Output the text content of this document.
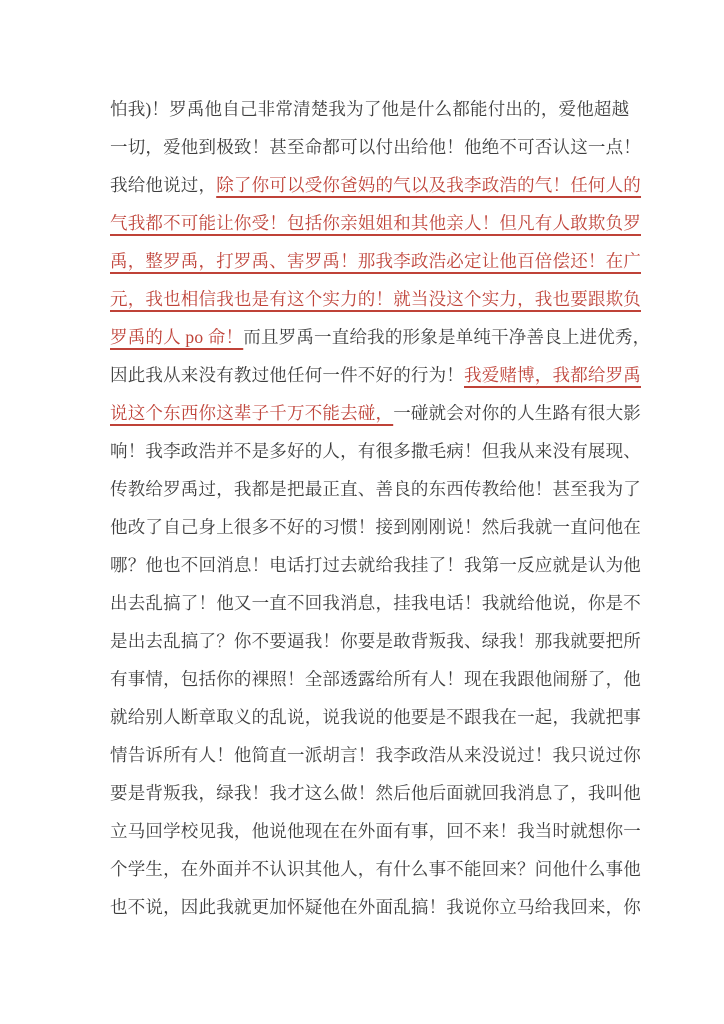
怕我)！罗禹他自己非常清楚我为了他是什么都能付出的，爱他超越
一切，爱他到极致！甚至命都可以付出给他！他绝不可否认这一点！
我给他说过，除了你可以受你爸妈的气以及我李政浩的气！任何人的
气我都不可能让你受！包括你亲姐姐和其他亲人！但凡有人敢欺负罗
禹，整罗禹，打罗禹、害罗禹！那我李政浩必定让他百倍偿还！在广
元，我也相信我也是有这个实力的！就当没这个实力，我也要跟欺负
罗禹的人 po 命！而且罗禹一直给我的形象是单纯干净善良上进优秀，
因此我从来没有教过他任何一件不好的行为！我爱赌博，我都给罗禹
说这个东西你这辈子千万不能去碰，一碰就会对你的人生路有很大影
响！我李政浩并不是多好的人，有很多撒毛病！但我从来没有展现、
传教给罗禹过，我都是把最正直、善良的东西传教给他！甚至我为了
他改了自己身上很多不好的习惯！接到刚刚说！然后我就一直问他在
哪？他也不回消息！电话打过去就给我挂了！我第一反应就是认为他
出去乱搞了！他又一直不回我消息，挂我电话！我就给他说，你是不
是出去乱搞了？你不要逼我！你要是敢背叛我、绿我！那我就要把所
有事情，包括你的裸照！全部透露给所有人！现在我跟他闹掰了，他
就给别人断章取义的乱说，说我说的他要是不跟我在一起，我就把事
情告诉所有人！他简直一派胡言！我李政浩从来没说过！我只说过你
要是背叛我，绿我！我才这么做！然后他后面就回我消息了，我叫他
立马回学校见我，他说他现在在外面有事，回不来！我当时就想你一
个学生，在外面并不认识其他人，有什么事不能回来？问他什么事他
也不说，因此我就更加怀疑他在外面乱搞！我说你立马给我回来，你
